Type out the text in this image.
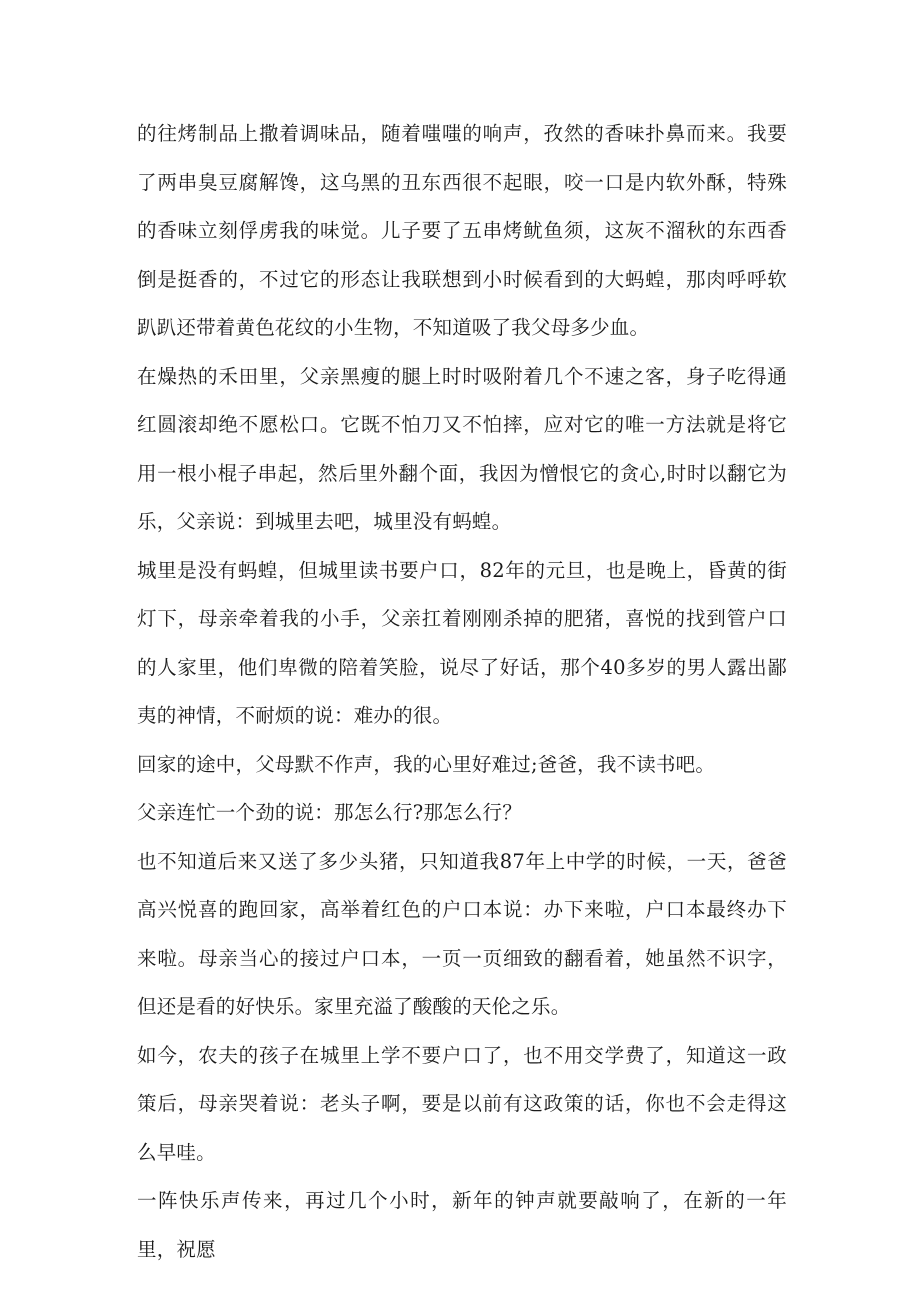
的往烤制品上撒着调味品，随着嗤嗤的响声，孜然的香味扑鼻而来。我要了两串臭豆腐解馋，这乌黑的丑东西很不起眼，咬一口是内软外酥，特殊的香味立刻俘虏我的味觉。儿子要了五串烤鱿鱼须，这灰不溜秋的东西香倒是挺香的，不过它的形态让我联想到小时候看到的大蚂蝗，那肉呼呼软趴趴还带着黄色花纹的小生物，不知道吸了我父母多少血。

在燥热的禾田里，父亲黑瘦的腿上时时吸附着几个不速之客，身子吃得通红圆滚却绝不愿松口。它既不怕刀又不怕摔，应对它的唯一方法就是将它用一根小棍子串起，然后里外翻个面，我因为憎恨它的贪心,时时以翻它为乐，父亲说：到城里去吧，城里没有蚂蝗。

城里是没有蚂蝗，但城里读书要户口，82年的元旦，也是晚上，昏黄的街灯下，母亲牵着我的小手，父亲扛着刚刚杀掉的肥猪，喜悦的找到管户口的人家里，他们卑微的陪着笑脸，说尽了好话，那个40多岁的男人露出鄙夷的神情，不耐烦的说：难办的很。

回家的途中，父母默不作声，我的心里好难过;爸爸，我不读书吧。

父亲连忙一个劲的说：那怎么行?那怎么行？

也不知道后来又送了多少头猪，只知道我87年上中学的时候，一天，爸爸高兴悦喜的跑回家，高举着红色的户口本说：办下来啦，户口本最终办下来啦。母亲当心的接过户口本，一页一页细致的翻看着，她虽然不识字，但还是看的好快乐。家里充溢了酸酸的天伦之乐。

如今，农夫的孩子在城里上学不要户口了，也不用交学费了，知道这一政策后，母亲哭着说：老头子啊，要是以前有这政策的话，你也不会走得这么早哇。

一阵快乐声传来，再过几个小时，新年的钟声就要敲响了，在新的一年里，祝愿
